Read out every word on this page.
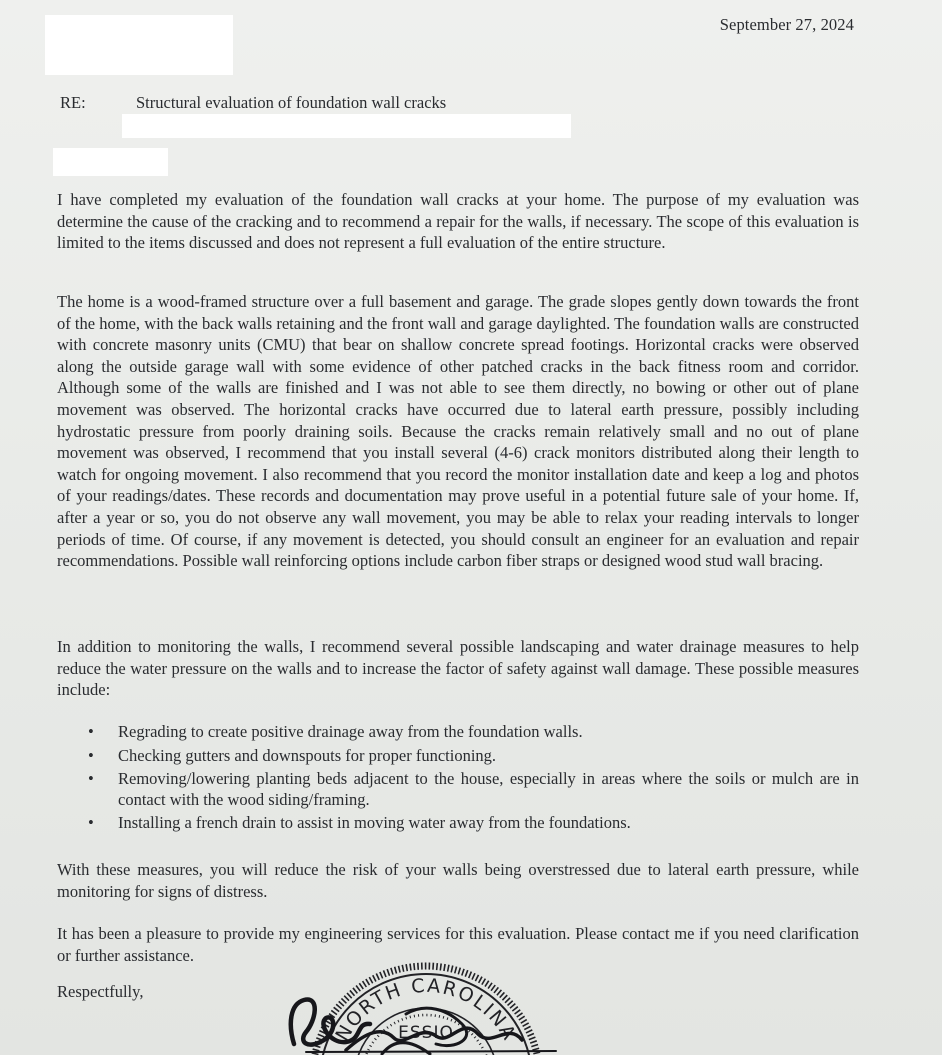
September 27, 2024
RE:	Structural evaluation of foundation wall cracks
I have completed my evaluation of the foundation wall cracks at your home. The purpose of my evaluation was determine the cause of the cracking and to recommend a repair for the walls, if necessary. The scope of this evaluation is limited to the items discussed and does not represent a full evaluation of the entire structure.
The home is a wood-framed structure over a full basement and garage. The grade slopes gently down towards the front of the home, with the back walls retaining and the front wall and garage daylighted. The foundation walls are constructed with concrete masonry units (CMU) that bear on shallow concrete spread footings. Horizontal cracks were observed along the outside garage wall with some evidence of other patched cracks in the back fitness room and corridor. Although some of the walls are finished and I was not able to see them directly, no bowing or other out of plane movement was observed. The horizontal cracks have occurred due to lateral earth pressure, possibly including hydrostatic pressure from poorly draining soils. Because the cracks remain relatively small and no out of plane movement was observed, I recommend that you install several (4-6) crack monitors distributed along their length to watch for ongoing movement. I also recommend that you record the monitor installation date and keep a log and photos of your readings/dates. These records and documentation may prove useful in a potential future sale of your home. If, after a year or so, you do not observe any wall movement, you may be able to relax your reading intervals to longer periods of time. Of course, if any movement is detected, you should consult an engineer for an evaluation and repair recommendations. Possible wall reinforcing options include carbon fiber straps or designed wood stud wall bracing.
In addition to monitoring the walls, I recommend several possible landscaping and water drainage measures to help reduce the water pressure on the walls and to increase the factor of safety against wall damage. These possible measures include:
• Regrading to create positive drainage away from the foundation walls.
• Checking gutters and downspouts for proper functioning.
• Removing/lowering planting beds adjacent to the house, especially in areas where the soils or mulch are in contact with the wood siding/framing.
• Installing a french drain to assist in moving water away from the foundations.
With these measures, you will reduce the risk of your walls being overstressed due to lateral earth pressure, while monitoring for signs of distress.
It has been a pleasure to provide my engineering services for this evaluation. Please contact me if you need clarification or further assistance.
Respectfully,
NORTH CAROLINA
ESSIO
